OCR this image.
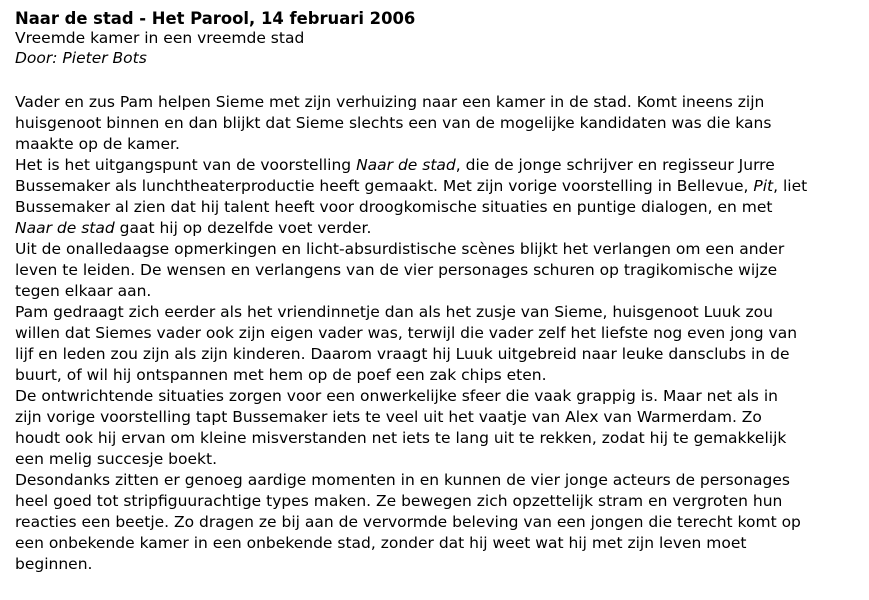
Naar de stad - Het Parool, 14 februari 2006
Vreemde kamer in een vreemde stad
Door: Pieter Bots
Vader en zus Pam helpen Sieme met zijn verhuizing naar een kamer in de stad. Komt ineens zijn
huisgenoot binnen en dan blijkt dat Sieme slechts een van de mogelijke kandidaten was die kans
maakte op de kamer.
Het is het uitgangspunt van de voorstelling Naar de stad, die de jonge schrijver en regisseur Jurre
Bussemaker als lunchtheaterproductie heeft gemaakt. Met zijn vorige voorstelling in Bellevue, Pit, liet
Bussemaker al zien dat hij talent heeft voor droogkomische situaties en puntige dialogen, en met
Naar de stad gaat hij op dezelfde voet verder.
Uit de onalledaagse opmerkingen en licht-absurdistische scènes blijkt het verlangen om een ander
leven te leiden. De wensen en verlangens van de vier personages schuren op tragikomische wijze
tegen elkaar aan.
Pam gedraagt zich eerder als het vriendinnetje dan als het zusje van Sieme, huisgenoot Luuk zou
willen dat Siemes vader ook zijn eigen vader was, terwijl die vader zelf het liefste nog even jong van
lijf en leden zou zijn als zijn kinderen. Daarom vraagt hij Luuk uitgebreid naar leuke dansclubs in de
buurt, of wil hij ontspannen met hem op de poef een zak chips eten.
De ontwrichtende situaties zorgen voor een onwerkelijke sfeer die vaak grappig is. Maar net als in
zijn vorige voorstelling tapt Bussemaker iets te veel uit het vaatje van Alex van Warmerdam. Zo
houdt ook hij ervan om kleine misverstanden net iets te lang uit te rekken, zodat hij te gemakkelijk
een melig succesje boekt.
Desondanks zitten er genoeg aardige momenten in en kunnen de vier jonge acteurs de personages
heel goed tot stripfiguurachtige types maken. Ze bewegen zich opzettelijk stram en vergroten hun
reacties een beetje. Zo dragen ze bij aan de vervormde beleving van een jongen die terecht komt op
een onbekende kamer in een onbekende stad, zonder dat hij weet wat hij met zijn leven moet
beginnen.
